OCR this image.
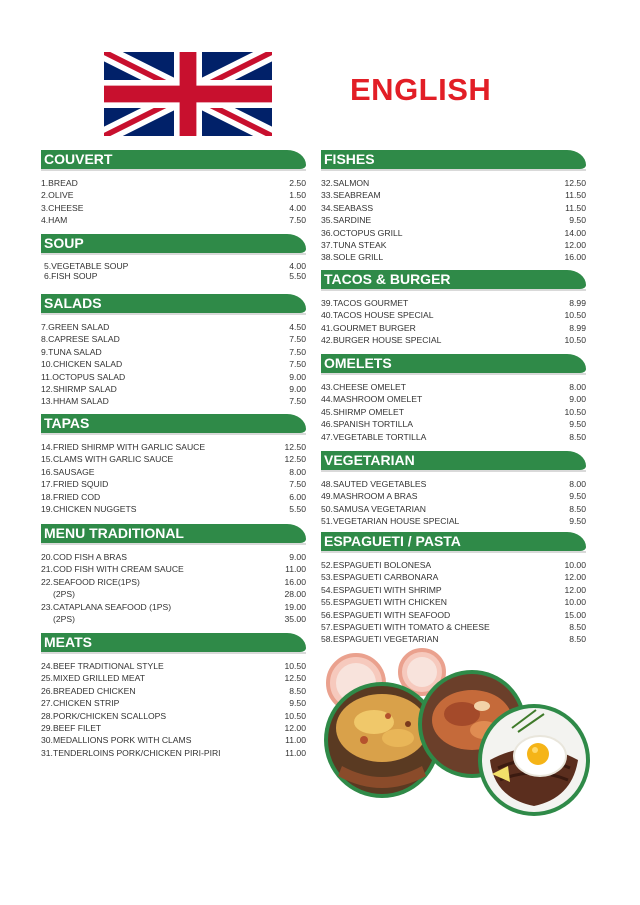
ENGLISH
COUVERT
1.BREAD	2.50
2.OLIVE	1.50
3.CHEESE	4.00
4.HAM	7.50
SOUP
5.VEGETABLE SOUP	4.00
6.FISH SOUP	5.50
SALADS
7.GREEN SALAD	4.50
8.CAPRESE SALAD	7.50
9.TUNA SALAD	7.50
10.CHICKEN SALAD	7.50
11.OCTOPUS SALAD	9.00
12.SHIRMP SALAD	9.00
13.HHAM SALAD	7.50
TAPAS
14.FRIED SHIRMP WITH GARLIC SAUCE	12.50
15.CLAMS WITH GARLIC SAUCE	12.50
16.SAUSAGE	8.00
17.FRIED SQUID	7.50
18.FRIED COD	6.00
19.CHICKEN NUGGETS	5.50
MENU TRADITIONAL
20.COD FISH A BRAS	9.00
21.COD FISH WITH CREAM SAUCE	11.00
22.SEAFOOD RICE(1PS)	16.00
(2PS)	28.00
23.CATAPLANA SEAFOOD (1PS)	19.00
(2PS)	35.00
MEATS
24.BEEF TRADITIONAL STYLE	10.50
25.MIXED GRILLED MEAT	12.50
26.BREADED CHICKEN	8.50
27.CHICKEN STRIP	9.50
28.PORK/CHICKEN SCALLOPS	10.50
29.BEEF FILET	12.00
30.MEDALLIONS PORK WITH CLAMS	11.00
31.TENDERLOINS PORK/CHICKEN PIRI-PIRI	11.00
FISHES
32.SALMON	12.50
33.SEABREAM	11.50
34.SEABASS	11.50
35.SARDINE	9.50
36.OCTOPUS GRILL	14.00
37.TUNA STEAK	12.00
38.SOLE GRILL	16.00
TACOS & BURGER
39.TACOS GOURMET	8.99
40.TACOS HOUSE SPECIAL	10.50
41.GOURMET BURGER	8.99
42.BURGER HOUSE SPECIAL	10.50
OMELETS
43.CHEESE OMELET	8.00
44.MASHROOM OMELET	9.00
45.SHIRMP OMELET	10.50
46.SPANISH TORTILLA	9.50
47.VEGETABLE TORTILLA	8.50
VEGETARIAN
48.SAUTED VEGETABLES	8.00
49.MASHROOM A BRAS	9.50
50.SAMUSA VEGETARIAN	8.50
51.VEGETARIAN HOUSE SPECIAL	9.50
ESPAGUETI / PASTA
52.ESPAGUETI BOLONESA	10.00
53.ESPAGUETI CARBONARA	12.00
54.ESPAGUETI WITH SHRIMP	12.00
55.ESPAGUETI WITH CHICKEN	10.00
56.ESPAGUETI WITH SEAFOOD	15.00
57.ESPAGUETI WITH TOMATO & CHEESE	8.50
58.ESPAGUETI VEGETARIAN	8.50
